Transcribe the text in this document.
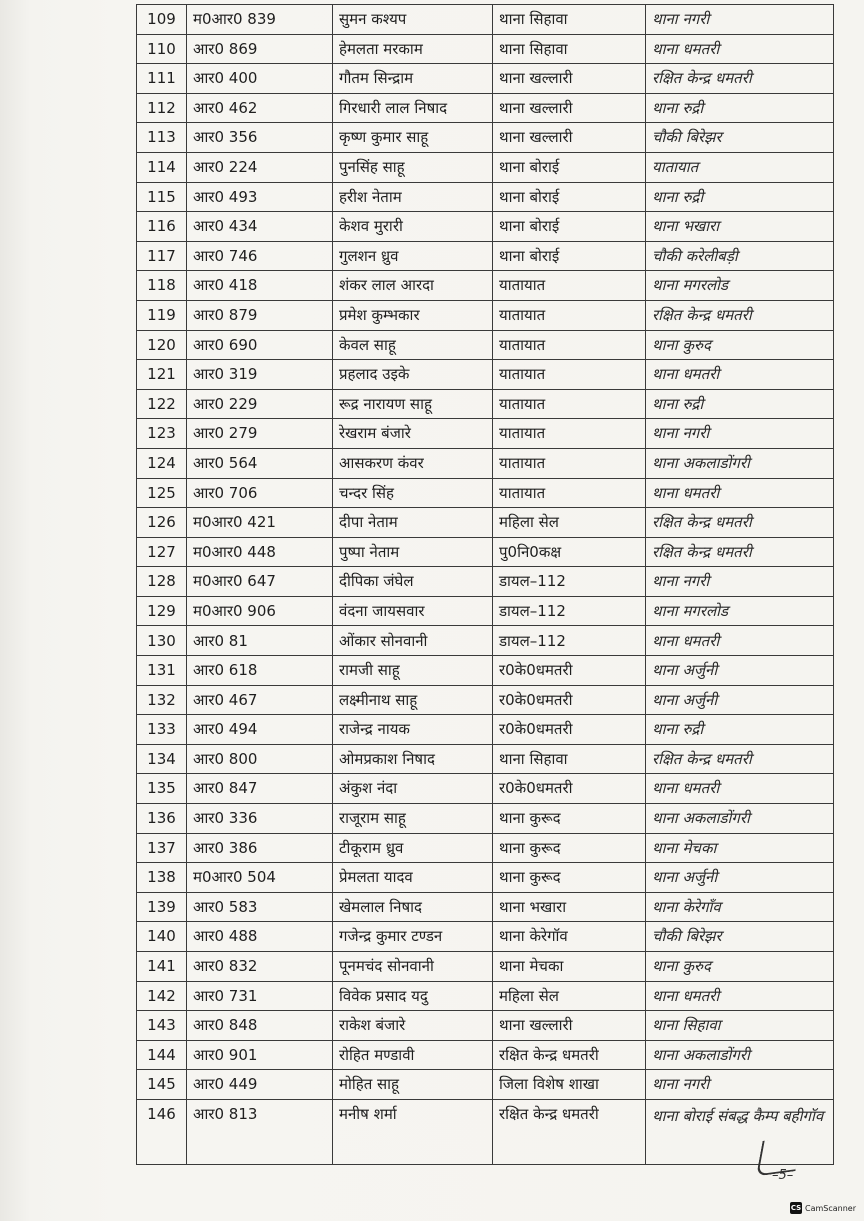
109	म0आर0 839	सुमन कश्यप	थाना सिहावा	थाना नगरी
110	आर0 869	हेमलता मरकाम	थाना सिहावा	थाना धमतरी
111	आर0 400	गौतम सिन्द्राम	थाना खल्लारी	रक्षित केन्द्र धमतरी
112	आर0 462	गिरधारी लाल निषाद	थाना खल्लारी	थाना रुद्री
113	आर0 356	कृष्ण कुमार साहू	थाना खल्लारी	चौकी बिरेझर
114	आर0 224	पुनसिंह साहू	थाना बोराई	यातायात
115	आर0 493	हरीश नेताम	थाना बोराई	थाना रुद्री
116	आर0 434	केशव मुरारी	थाना बोराई	थाना भखारा
117	आर0 746	गुलशन ध्रुव	थाना बोराई	चौकी करेलीबड़ी
118	आर0 418	शंकर लाल आरदा	यातायात	थाना मगरलोड
119	आर0 879	प्रमेश कुम्भकार	यातायात	रक्षित केन्द्र धमतरी
120	आर0 690	केवल साहू	यातायात	थाना कुरुद
121	आर0 319	प्रहलाद उइके	यातायात	थाना धमतरी
122	आर0 229	रूद्र नारायण साहू	यातायात	थाना रुद्री
123	आर0 279	रेखराम बंजारे	यातायात	थाना नगरी
124	आर0 564	आसकरण कंवर	यातायात	थाना अकलाडोंगरी
125	आर0 706	चन्दर सिंह	यातायात	थाना धमतरी
126	म0आर0 421	दीपा नेताम	महिला सेल	रक्षित केन्द्र धमतरी
127	म0आर0 448	पुष्पा नेताम	पु0नि0कक्ष	रक्षित केन्द्र धमतरी
128	म0आर0 647	दीपिका जंघेल	डायल–112	थाना नगरी
129	म0आर0 906	वंदना जायसवार	डायल–112	थाना मगरलोड
130	आर0 81	ओंकार सोनवानी	डायल–112	थाना धमतरी
131	आर0 618	रामजी साहू	र0के0धमतरी	थाना अर्जुनी
132	आर0 467	लक्ष्मीनाथ साहू	र0के0धमतरी	थाना अर्जुनी
133	आर0 494	राजेन्द्र नायक	र0के0धमतरी	थाना रुद्री
134	आर0 800	ओमप्रकाश निषाद	थाना सिहावा	रक्षित केन्द्र धमतरी
135	आर0 847	अंकुश नंदा	र0के0धमतरी	थाना धमतरी
136	आर0 336	राजूराम साहू	थाना कुरूद	थाना अकलाडोंगरी
137	आर0 386	टीकूराम ध्रुव	थाना कुरूद	थाना मेचका
138	म0आर0 504	प्रेमलता यादव	थाना कुरूद	थाना अर्जुनी
139	आर0 583	खेमलाल निषाद	थाना भखारा	थाना केरेगाँव
140	आर0 488	गजेन्द्र कुमार टण्डन	थाना केरेगॉव	चौकी बिरेझर
141	आर0 832	पूनमचंद सोनवानी	थाना मेचका	थाना कुरुद
142	आर0 731	विवेक प्रसाद यदु	महिला सेल	थाना धमतरी
143	आर0 848	राकेश बंजारे	थाना खल्लारी	थाना सिहावा
144	आर0 901	रोहित मण्डावी	रक्षित केन्द्र धमतरी	थाना अकलाडोंगरी
145	आर0 449	मोहित साहू	जिला विशेष शाखा	थाना नगरी
146	आर0 813	मनीष शर्मा	रक्षित केन्द्र धमतरी	थाना बोराई संबद्ध कैम्प बहीगॉव
–5–
CS CamScanner
